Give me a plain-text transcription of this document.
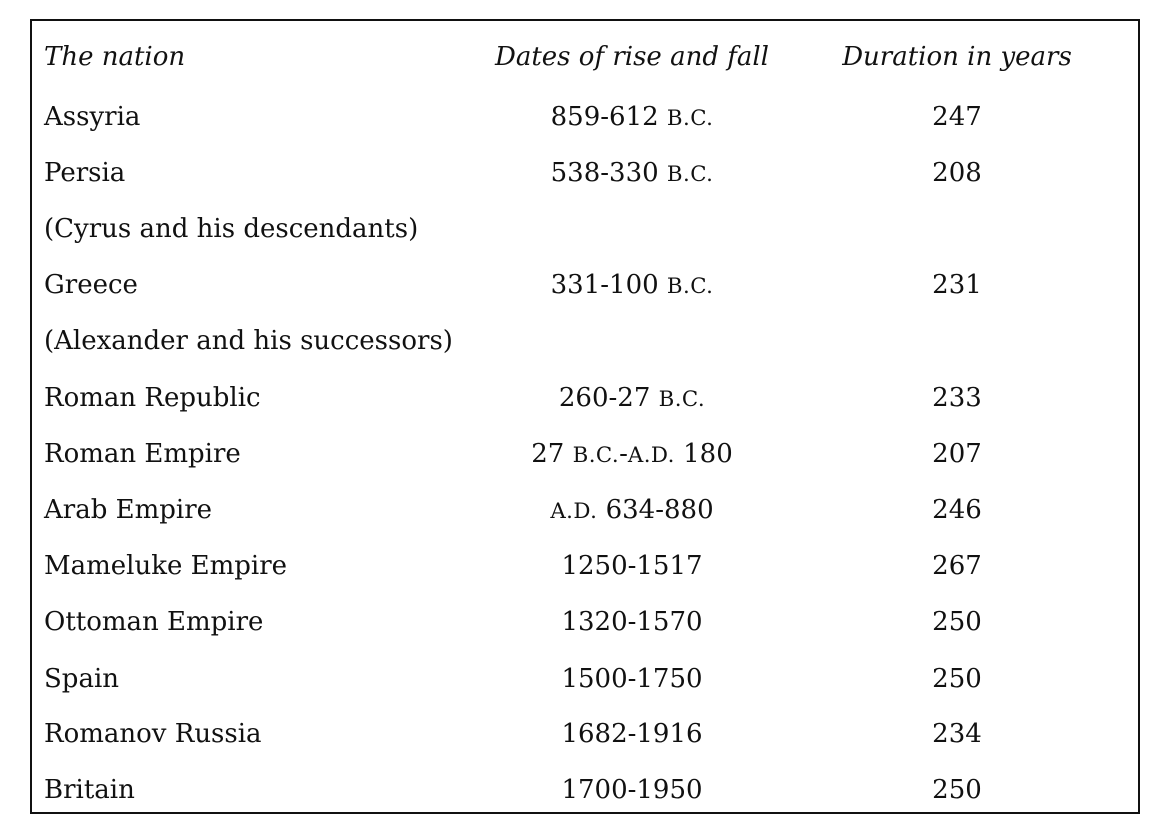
The nation	Dates of rise and fall	Duration in years
Assyria	859-612 B.C.	247
Persia	538-330 B.C.	208
(Cyrus and his descendants)
Greece	331-100 B.C.	231
(Alexander and his successors)
Roman Republic	260-27 B.C.	233
Roman Empire	27 B.C.-A.D. 180	207
Arab Empire	A.D. 634-880	246
Mameluke Empire	1250-1517	267
Ottoman Empire	1320-1570	250
Spain	1500-1750	250
Romanov Russia	1682-1916	234
Britain	1700-1950	250
